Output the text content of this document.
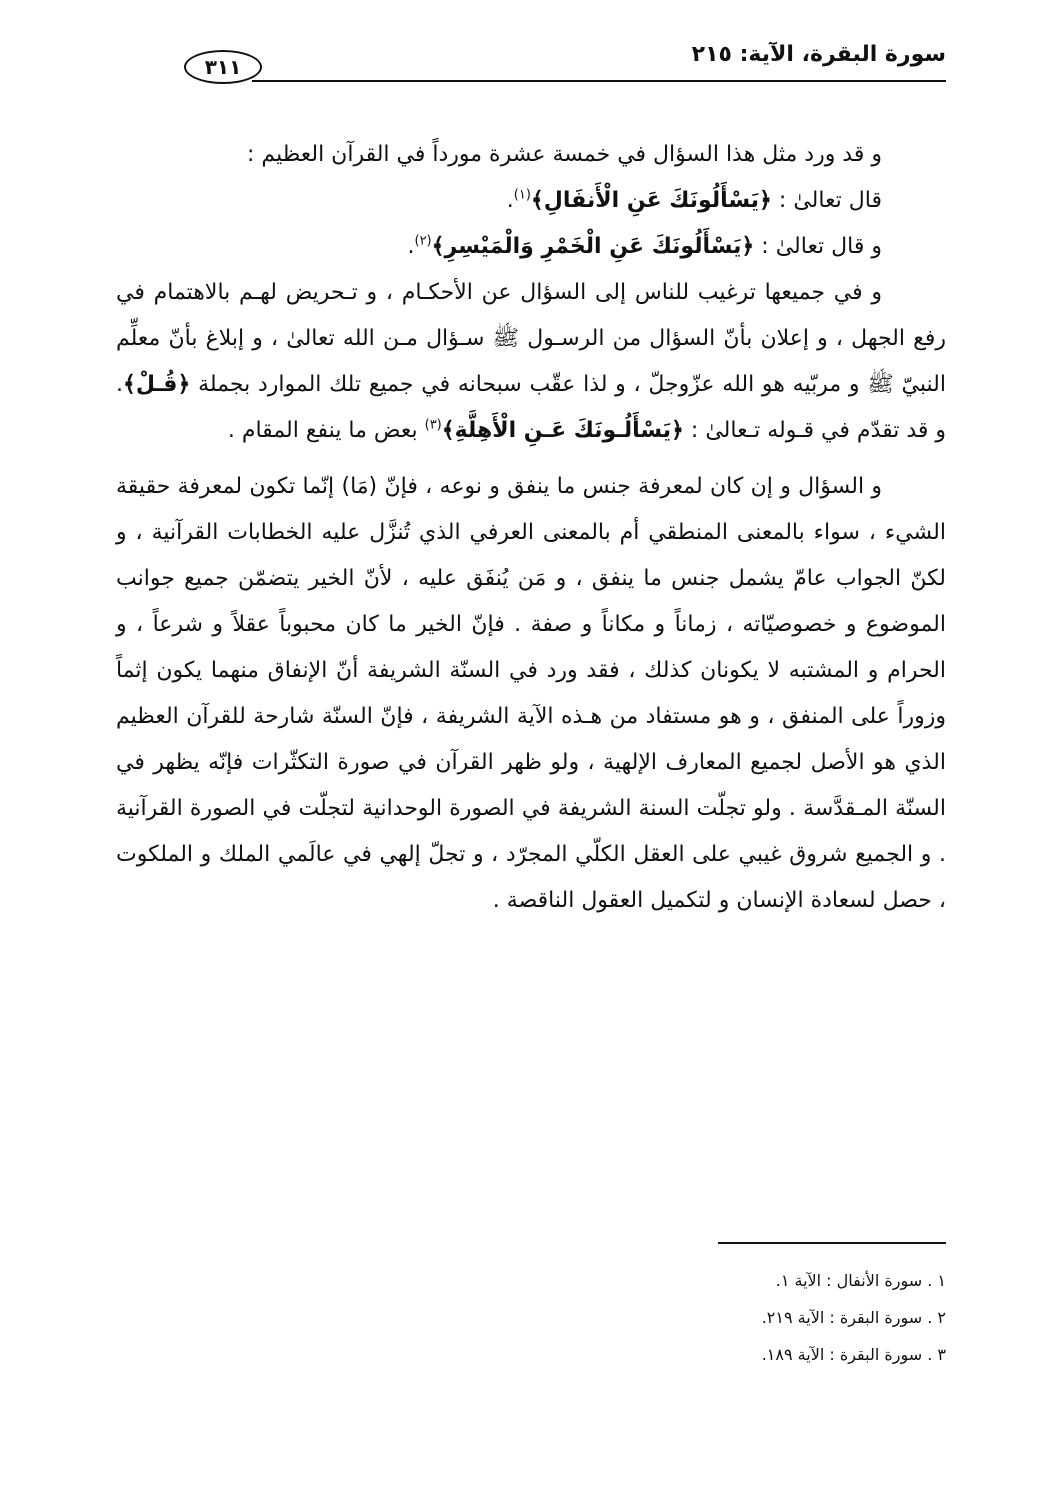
سورة البقرة، الآية: ٢١٥
٣١١

و قد ورد مثل هذا السؤال في خمسة عشرة مورداً في القرآن العظيم :

قال تعالىٰ : ﴿يَسْأَلُونَكَ عَنِ الْأَنفَالِ﴾$^{(١)}$.

و قال تعالىٰ : ﴿يَسْأَلُونَكَ عَنِ الْخَمْرِ وَالْمَيْسِرِ﴾$^{(٢)}$.

و في جميعها ترغيب للناس إلى السؤال عن الأحكـام ، و تـحريض لهـم بالاهتمام في رفع الجهل ، و إعلان بأنّ السؤال من الرسـول ﷺ سـؤال مـن الله تعالىٰ ، و إبلاغ بأنّ معلِّم النبيّ ﷺ و مربّيه هو الله عزّوجلّ ، و لذا عقّب سبحانه في جميع تلك الموارد بجملة ﴿قُـلْ﴾. و قد تقدّم في قـوله تـعالىٰ : ﴿يَسْأَلُـونَكَ عَـنِ الْأَهِلَّةِ﴾$^{(٣)}$ بعض ما ينفع المقام .

و السؤال و إن كان لمعرفة جنس ما ينفق و نوعه ، فإنّ (مَا) إنّما تكون لمعرفة حقيقة الشيء ، سواء بالمعنى المنطقي أم بالمعنى العرفي الذي تُنزَّل عليه الخطابات القرآنية ، و لكنّ الجواب عامّ يشمل جنس ما ينفق ، و مَن يُنفَق عليه ، لأنّ الخير يتضمّن جميع جوانب الموضوع و خصوصيّاته ، زماناً و مكاناً و صفة . فإنّ الخير ما كان محبوباً عقلاً و شرعاً ، و الحرام و المشتبه لا يكونان كذلك ، فقد ورد في السنّة الشريفة أنّ الإنفاق منهما يكون إثماً وزوراً على المنفق ، و هو مستفاد من هـذه الآية الشريفة ، فإنّ السنّة شارحة للقرآن العظيم الذي هو الأصل لجميع المعارف الإلهية ، ولو ظهر القرآن في صورة التكثّرات فإنّه يظهر في السنّة المـقدَّسة . ولو تجلّت السنة الشريفة في الصورة الوحدانية لتجلّت في الصورة القرآنية . و الجميع شروق غيبي على العقل الكلّي المجرّد ، و تجلّ إلهي في عالَمي الملك و الملكوت ، حصل لسعادة الإنسان و لتكميل العقول الناقصة .

١ . سورة الأنفال : الآية ١.
٢ . سورة البقرة : الآية ٢١٩.
٣ . سورة البقرة : الآية ١٨٩.
